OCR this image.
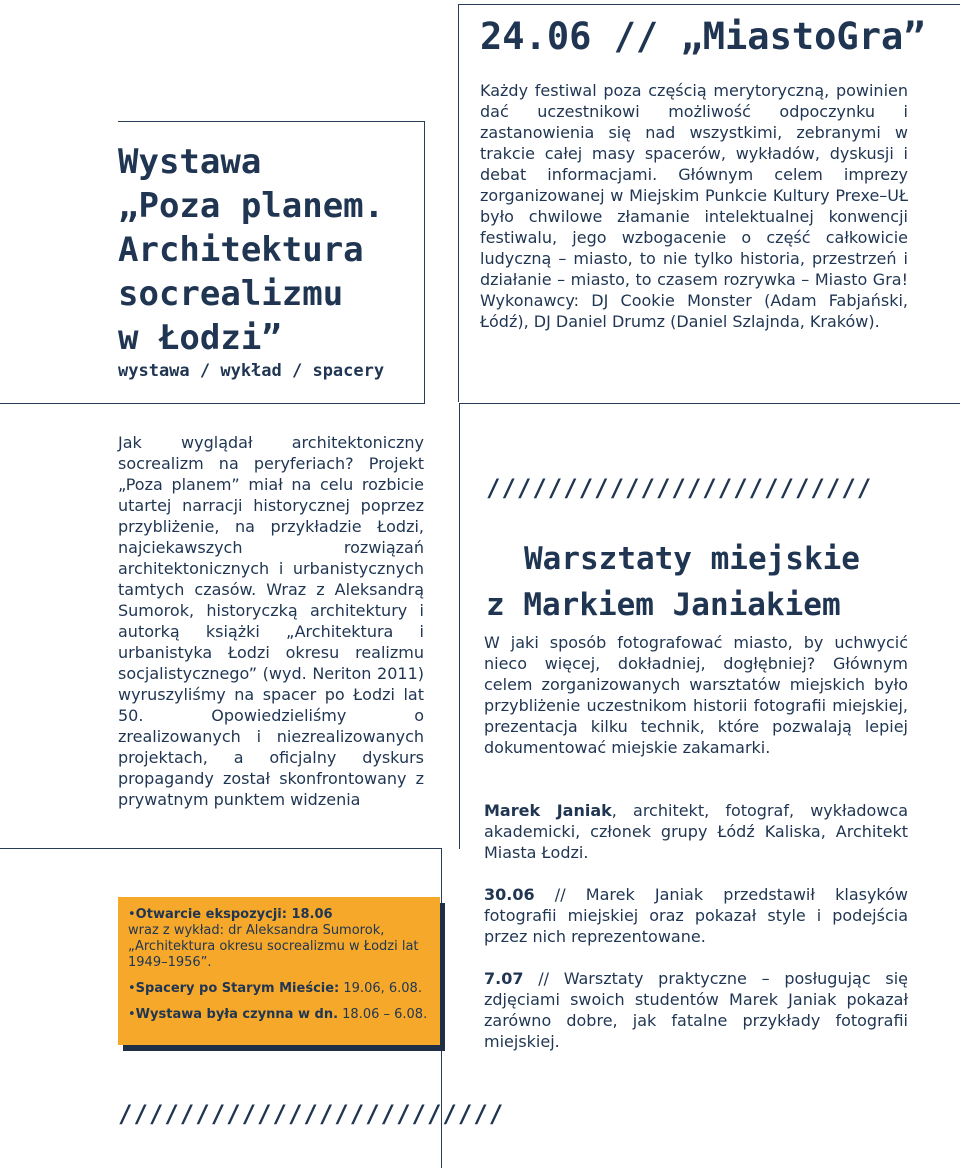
Wystawa
„Poza planem.
Architektura
socrealizmu
w Łodzi”
wystawa / wykład / spacery
24.06 // „MiastoGra”

Każdy festiwal poza częścią merytoryczną, powinien dać uczestnikowi możliwość odpoczynku i zastanowienia się nad wszystkimi, zebranymi w trakcie całej masy spacerów, wykładów, dyskusji i debat informacjami. Głównym celem imprezy zorganizowanej w Miejskim Punkcie Kultury Prexe–UŁ było chwilowe złamanie intelektualnej konwencji festiwalu, jego wzbogacenie o część całkowicie ludyczną – miasto, to nie tylko historia, przestrzeń i działanie – miasto, to czasem rozrywka – Miasto Gra! Wykonawcy: DJ Cookie Monster (Adam Fabjański, Łódź), DJ Daniel Drumz (Daniel Szlajnda, Kraków).

Jak wyglądał architektoniczny socrealizm na peryferiach? Projekt „Poza planem” miał na celu rozbicie utartej narracji historycznej poprzez przybliżenie, na przykładzie Łodzi, najciekawszych rozwiązań architektonicznych i urbanistycznych tamtych czasów. Wraz z Aleksandrą Sumorok, historyczką architektury i autorką książki „Architektura i urbanistyka Łodzi okresu realizmu socjalistycznego” (wyd. Neriton 2011) wyruszyliśmy na spacer po Łodzi lat 50. Opowiedzieliśmy o zrealizowanych i niezrealizowanych projektach, a oficjalny dyskurs propagandy został skonfrontowany z prywatnym punktem widzenia

/////////////////////////
Warsztaty miejskie
z Markiem Janiakiem

W jaki sposób fotografować miasto, by uchwycić nieco więcej, dokładniej, dogłębniej? Głównym celem zorganizowanych warsztatów miejskich było przybliżenie uczestnikom historii fotografii miejskiej, prezentacja kilku technik, które pozwalają lepiej dokumentować miejskie zakamarki.

Marek Janiak, architekt, fotograf, wykładowca akademicki, członek grupy Łódź Kaliska, Architekt Miasta Łodzi.

30.06 // Marek Janiak przedstawił klasyków fotografii miejskiej oraz pokazał style i podejścia przez nich reprezentowane.

7.07 // Warsztaty praktyczne – posługując się zdjęciami swoich studentów Marek Janiak pokazał zarówno dobre, jak fatalne przykłady fotografii miejskiej.

•Otwarcie ekspozycji: 18.06
wraz z wykład: dr Aleksandra Sumorok, „Architektura okresu socrealizmu w Łodzi lat 1949–1956”.
•Spacery po Starym Mieście: 19.06, 6.08.
•Wystawa była czynna w dn. 18.06 – 6.08.
/////////////////////////
